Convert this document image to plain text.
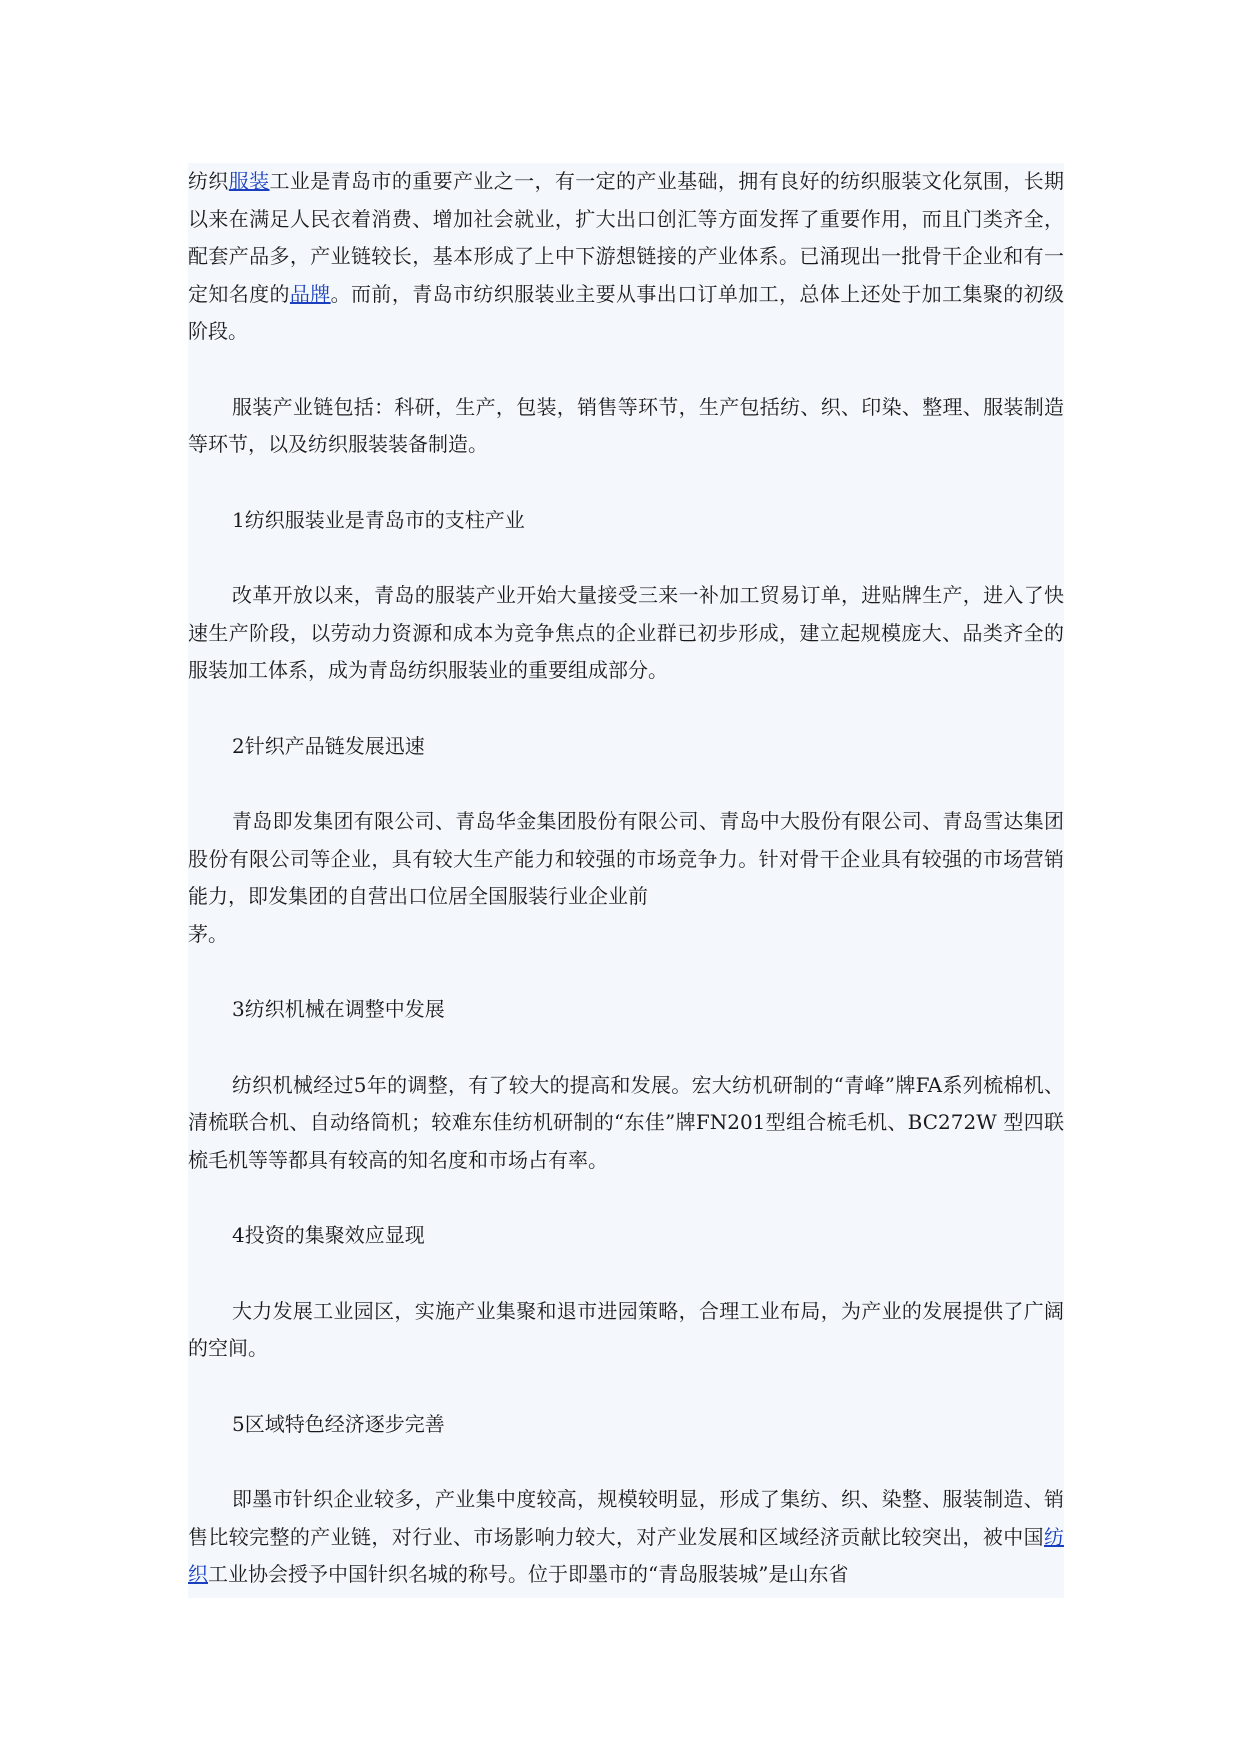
纺织服装工业是青岛市的重要产业之一，有一定的产业基础，拥有良好的纺织服装文化氛围，长期以来在满足人民衣着消费、增加社会就业，扩大出口创汇等方面发挥了重要作用，而且门类齐全，配套产品多，产业链较长，基本形成了上中下游想链接的产业体系。已涌现出一批骨干企业和有一定知名度的品牌。而前，青岛市纺织服装业主要从事出口订单加工，总体上还处于加工集聚的初级阶段。

服装产业链包括：科研，生产，包装，销售等环节，生产包括纺、织、印染、整理、服装制造等环节，以及纺织服装装备制造。

1纺织服装业是青岛市的支柱产业

改革开放以来，青岛的服装产业开始大量接受三来一补加工贸易订单，进贴牌生产，进入了快速生产阶段，以劳动力资源和成本为竞争焦点的企业群已初步形成，建立起规模庞大、品类齐全的服装加工体系，成为青岛纺织服装业的重要组成部分。

2针织产品链发展迅速

青岛即发集团有限公司、青岛华金集团股份有限公司、青岛中大股份有限公司、青岛雪达集团股份有限公司等企业，具有较大生产能力和较强的市场竞争力。针对骨干企业具有较强的市场营销能力，即发集团的自营出口位居全国服装行业企业前
茅。

3纺织机械在调整中发展

纺织机械经过5年的调整，有了较大的提高和发展。宏大纺机研制的“青峰”牌FA系列梳棉机、清梳联合机、自动络筒机；较难东佳纺机研制的“东佳”牌FN201型组合梳毛机、BC272W 型四联梳毛机等等都具有较高的知名度和市场占有率。

4投资的集聚效应显现

大力发展工业园区，实施产业集聚和退市进园策略，合理工业布局，为产业的发展提供了广阔的空间。

5区域特色经济逐步完善

即墨市针织企业较多，产业集中度较高，规模较明显，形成了集纺、织、染整、服装制造、销售比较完整的产业链，对行业、市场影响力较大，对产业发展和区域经济贡献比较突出，被中国纺织工业协会授予中国针织名城的称号。位于即墨市的“青岛服装城”是山东省
